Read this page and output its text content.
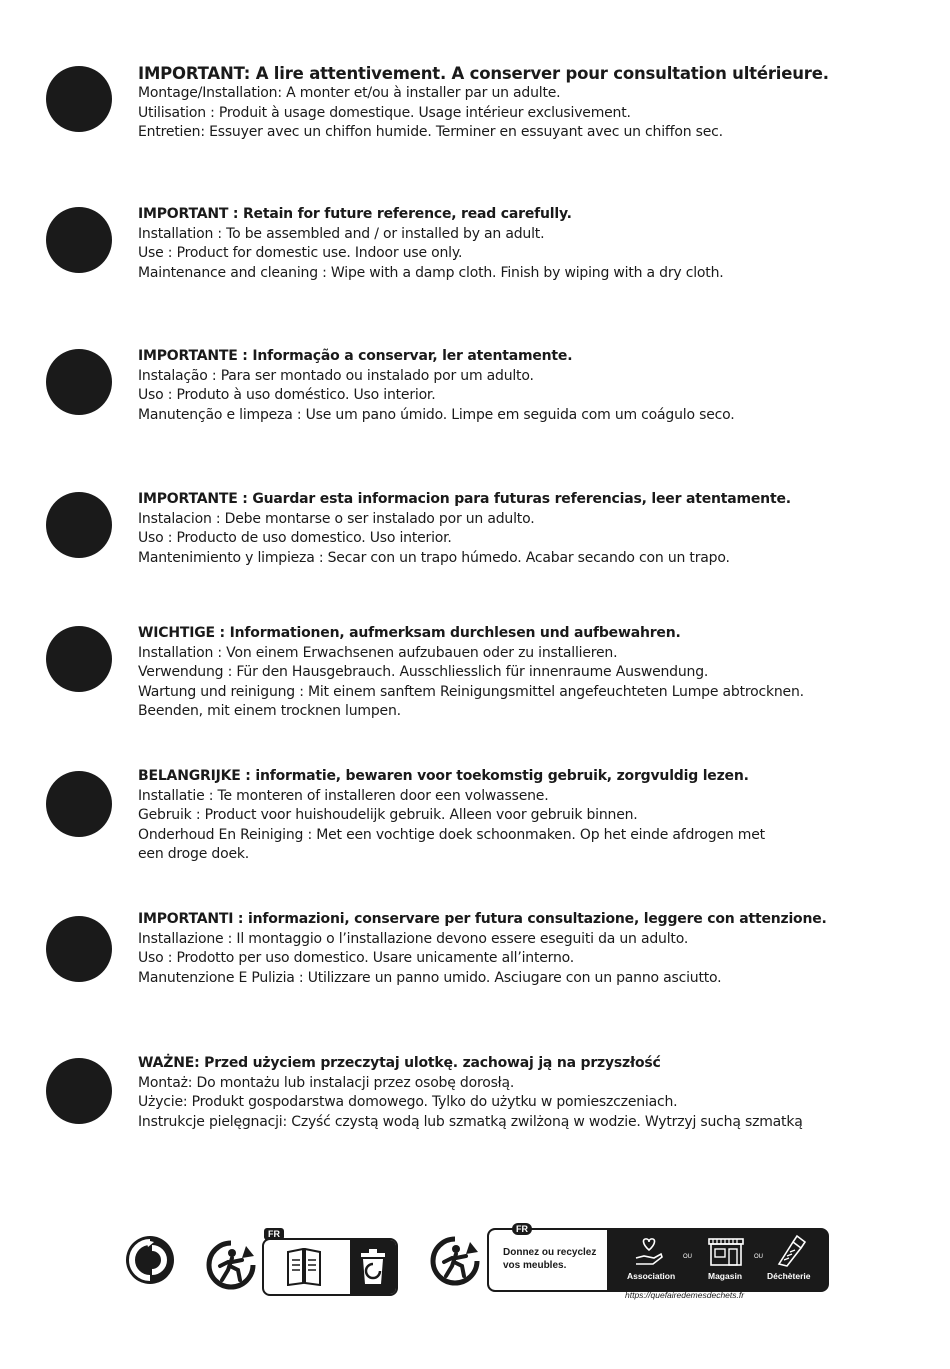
IMPORTANT: A lire attentivement. A conserver pour consultation ultérieure.
Montage/Installation: A monter et/ou à installer par un adulte.
Utilisation : Produit à usage domestique. Usage intérieur exclusivement.
Entretien: Essuyer avec un chiffon humide. Terminer en essuyant avec un chiffon sec.
IMPORTANT : Retain for future reference, read carefully.
Installation : To be assembled and / or installed by an adult.
Use : Product for domestic use. Indoor use only.
Maintenance and cleaning : Wipe with a damp cloth. Finish by wiping with a dry cloth.
IMPORTANTE : Informação a conservar, ler atentamente.
Instalação : Para ser montado ou instalado por um adulto.
Uso : Produto à uso doméstico. Uso interior.
Manutenção e limpeza : Use um pano úmido. Limpe em seguida com um coágulo seco.
IMPORTANTE : Guardar esta informacion para futuras referencias, leer atentamente.
Instalacion : Debe montarse o ser instalado por un adulto.
Uso : Producto de uso domestico. Uso interior.
Mantenimiento y limpieza : Secar con un trapo húmedo. Acabar secando con un trapo.
WICHTIGE : Informationen, aufmerksam durchlesen und aufbewahren.
Installation : Von einem Erwachsenen aufzubauen oder zu installieren.
Verwendung : Für den Hausgebrauch. Ausschliesslich für innenraume Auswendung.
Wartung und reinigung : Mit einem sanftem Reinigungsmittel angefeuchteten Lumpe abtrocknen.
Beenden, mit einem trocknen lumpen.
BELANGRIJKE : informatie, bewaren voor toekomstig gebruik, zorgvuldig lezen.
Installatie : Te monteren of installeren door een volwassene.
Gebruik : Product voor huishoudelijk gebruik. Alleen voor gebruik binnen.
Onderhoud En Reiniging : Met een vochtige doek schoonmaken. Op het einde afdrogen met
een droge doek.
IMPORTANTI : informazioni, conservare per futura consultazione, leggere con attenzione.
Installazione : Il montaggio o l’installazione devono essere eseguiti da un adulto.
Uso : Prodotto per uso domestico. Usare unicamente all’interno.
Manutenzione E Pulizia : Utilizzare un panno umido. Asciugare con un panno asciutto.
WAŻNE: Przed użyciem przeczytaj ulotkę. zachowaj ją na przyszłość
Montaż: Do montażu lub instalacji przez osobę dorosłą.
Użycie: Produkt gospodarstwa domowego. Tylko do użytku w pomieszczeniach.
Instrukcje pielęgnacji: Czyść czystą wodą lub szmatką zwilżoną w wodzie. Wytrzyj suchą szmatką
FR
Donnez ou recyclez vos meubles.
OU	OU
Association	Magasin	Déchèterie
FR
https://quefairedemesdechets.fr
